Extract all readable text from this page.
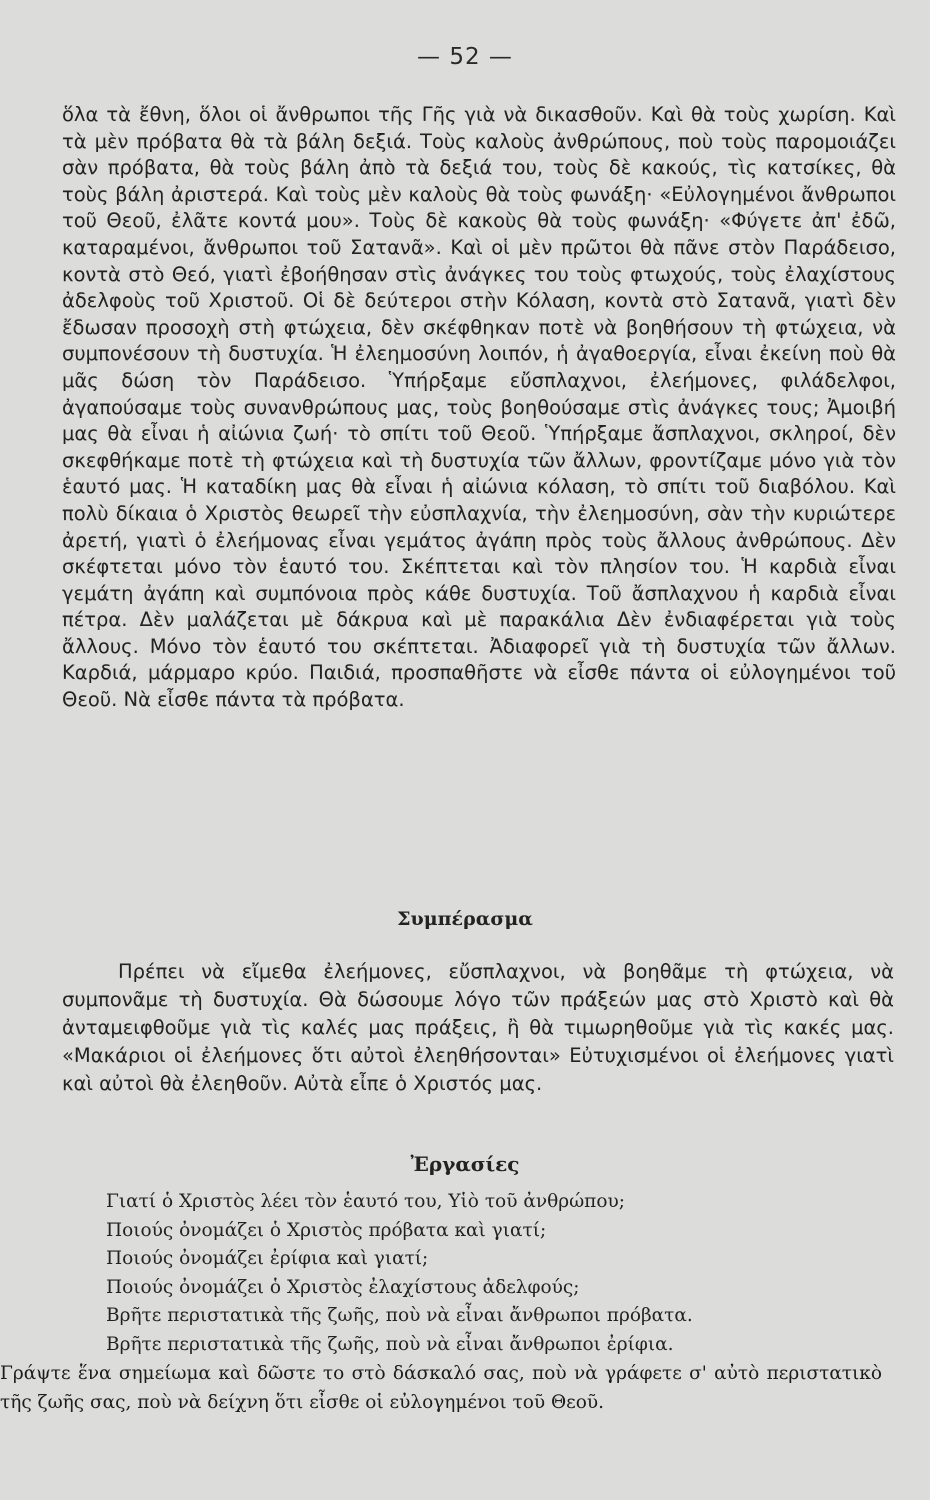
— 52 —

ὅλα τὰ ἔθνη, ὅλοι οἱ ἄνθρωποι τῆς Γῆς γιὰ νὰ δικασθοῦν. Καὶ θὰ τοὺς χωρίση. Καὶ τὰ μὲν πρόβατα θὰ τὰ βάλη δεξιά. Τοὺς καλοὺς ἀνθρώπους, ποὺ τοὺς παρομοιάζει σὰν πρόβατα, θὰ τοὺς βάλη ἀπὸ τὰ δεξιά του, τοὺς δὲ κακούς, τὶς κατσίκες, θὰ τοὺς βάλη ἀριστερά. Καὶ τοὺς μὲν καλοὺς θὰ τοὺς φωνάξη· «Εὐλογημένοι ἄνθρωποι τοῦ Θεοῦ, ἐλᾶτε κοντά μου». Τοὺς δὲ κακοὺς θὰ τοὺς φωνάξη· «Φύγετε ἀπ' ἐδῶ, καταραμένοι, ἄνθρωποι τοῦ Σατανᾶ». Καὶ οἱ μὲν πρῶτοι θὰ πᾶνε στὸν Παράδεισο, κοντὰ στὸ Θεό, γιατὶ ἐβοήθησαν στὶς ἀνάγκες του τοὺς φτωχούς, τοὺς ἐλαχίστους ἀδελφοὺς τοῦ Χριστοῦ. Οἱ δὲ δεύτεροι στὴν Κόλαση, κοντὰ στὸ Σατανᾶ, γιατὶ δὲν ἔδωσαν προσοχὴ στὴ φτώχεια, δὲν σκέφθηκαν ποτὲ νὰ βοηθήσουν τὴ φτώχεια, νὰ συμπονέσουν τὴ δυστυχία. Ἡ ἐλεημοσύνη λοιπόν, ἡ ἀγαθοεργία, εἶναι ἐκείνη ποὺ θὰ μᾶς δώση τὸν Παράδεισο. Ὑπήρξαμε εὔσπλαχνοι, ἐλεήμονες, φιλάδελφοι, ἀγαπούσαμε τοὺς συνανθρώπους μας, τοὺς βοηθούσαμε στὶς ἀνάγκες τους; Ἀμοιβή μας θὰ εἶναι ἡ αἰώνια ζωή· τὸ σπίτι τοῦ Θεοῦ. Ὑπήρξαμε ἄσπλαχνοι, σκληροί, δὲν σκεφθήκαμε ποτὲ τὴ φτώχεια καὶ τὴ δυστυχία τῶν ἄλλων, φροντίζαμε μόνο γιὰ τὸν ἑαυτό μας. Ἡ καταδίκη μας θὰ εἶναι ἡ αἰώνια κόλαση, τὸ σπίτι τοῦ διαβόλου. Καὶ πολὺ δίκαια ὁ Χριστὸς θεωρεῖ τὴν εὐσπλαχνία, τὴν ἐλεημοσύνη, σὰν τὴν κυριώτερε ἀρετή, γιατὶ ὁ ἐλεήμονας εἶναι γεμάτος ἀγάπη πρὸς τοὺς ἄλλους ἀνθρώπους. Δὲν σκέφτεται μόνο τὸν ἑαυτό του. Σκέπτεται καὶ τὸν πλησίον του. Ἡ καρδιὰ εἶναι γεμάτη ἀγάπη καὶ συμπόνοια πρὸς κάθε δυστυχία. Τοῦ ἄσπλαχνου ἡ καρδιὰ εἶναι πέτρα. Δὲν μαλάζεται μὲ δάκρυα καὶ μὲ παρακάλια Δὲν ἐνδιαφέρεται γιὰ τοὺς ἄλλους. Μόνο τὸν ἑαυτό του σκέπτεται. Ἀδιαφορεῖ γιὰ τὴ δυστυχία τῶν ἄλλων. Καρδιά, μάρμαρο κρύο. Παιδιά, προσπαθῆστε νὰ εἶσθε πάντα οἱ εὐλογημένοι τοῦ Θεοῦ. Νὰ εἶσθε πάντα τὰ πρόβατα.

Συμπέρασμα

Πρέπει νὰ εἴμεθα ἐλεήμονες, εὔσπλαχνοι, νὰ βοηθᾶμε τὴ φτώχεια, νὰ συμπονᾶμε τὴ δυστυχία. Θὰ δώσουμε λόγο τῶν πράξεών μας στὸ Χριστὸ καὶ θὰ ἀνταμειφθοῦμε γιὰ τὶς καλές μας πράξεις, ἢ θὰ τιμωρηθοῦμε γιὰ τὶς κακές μας. «Μακάριοι οἱ ἐλεήμονες ὅτι αὐτοὶ ἐλεηθήσονται» Εὐτυχισμένοι οἱ ἐλεήμονες γιατὶ καὶ αὐτοὶ θὰ ἐλεηθοῦν. Αὐτὰ εἶπε ὁ Χριστός μας.

Ἐργασίες
Γιατί ὁ Χριστὸς λέει τὸν ἑαυτό του, Υἱὸ τοῦ ἀνθρώπου;
Ποιούς ὀνομάζει ὁ Χριστὸς πρόβατα καὶ γιατί;
Ποιούς ὀνομάζει ἐρίφια καὶ γιατί;
Ποιούς ὀνομάζει ὁ Χριστὸς ἐλαχίστους ἀδελφούς;
Βρῆτε περιστατικὰ τῆς ζωῆς, ποὺ νὰ εἶναι ἄνθρωποι πρόβατα.
Βρῆτε περιστατικὰ τῆς ζωῆς, ποὺ νὰ εἶναι ἄνθρωποι ἐρίφια.
Γράψτε ἕνα σημείωμα καὶ δῶστε το στὸ δάσκαλό σας, ποὺ νὰ γράφετε σ' αὐτὸ περιστατικὸ τῆς ζωῆς σας, ποὺ νὰ δείχνη ὅτι εἶσθε οἱ εὐλογημένοι τοῦ Θεοῦ.
